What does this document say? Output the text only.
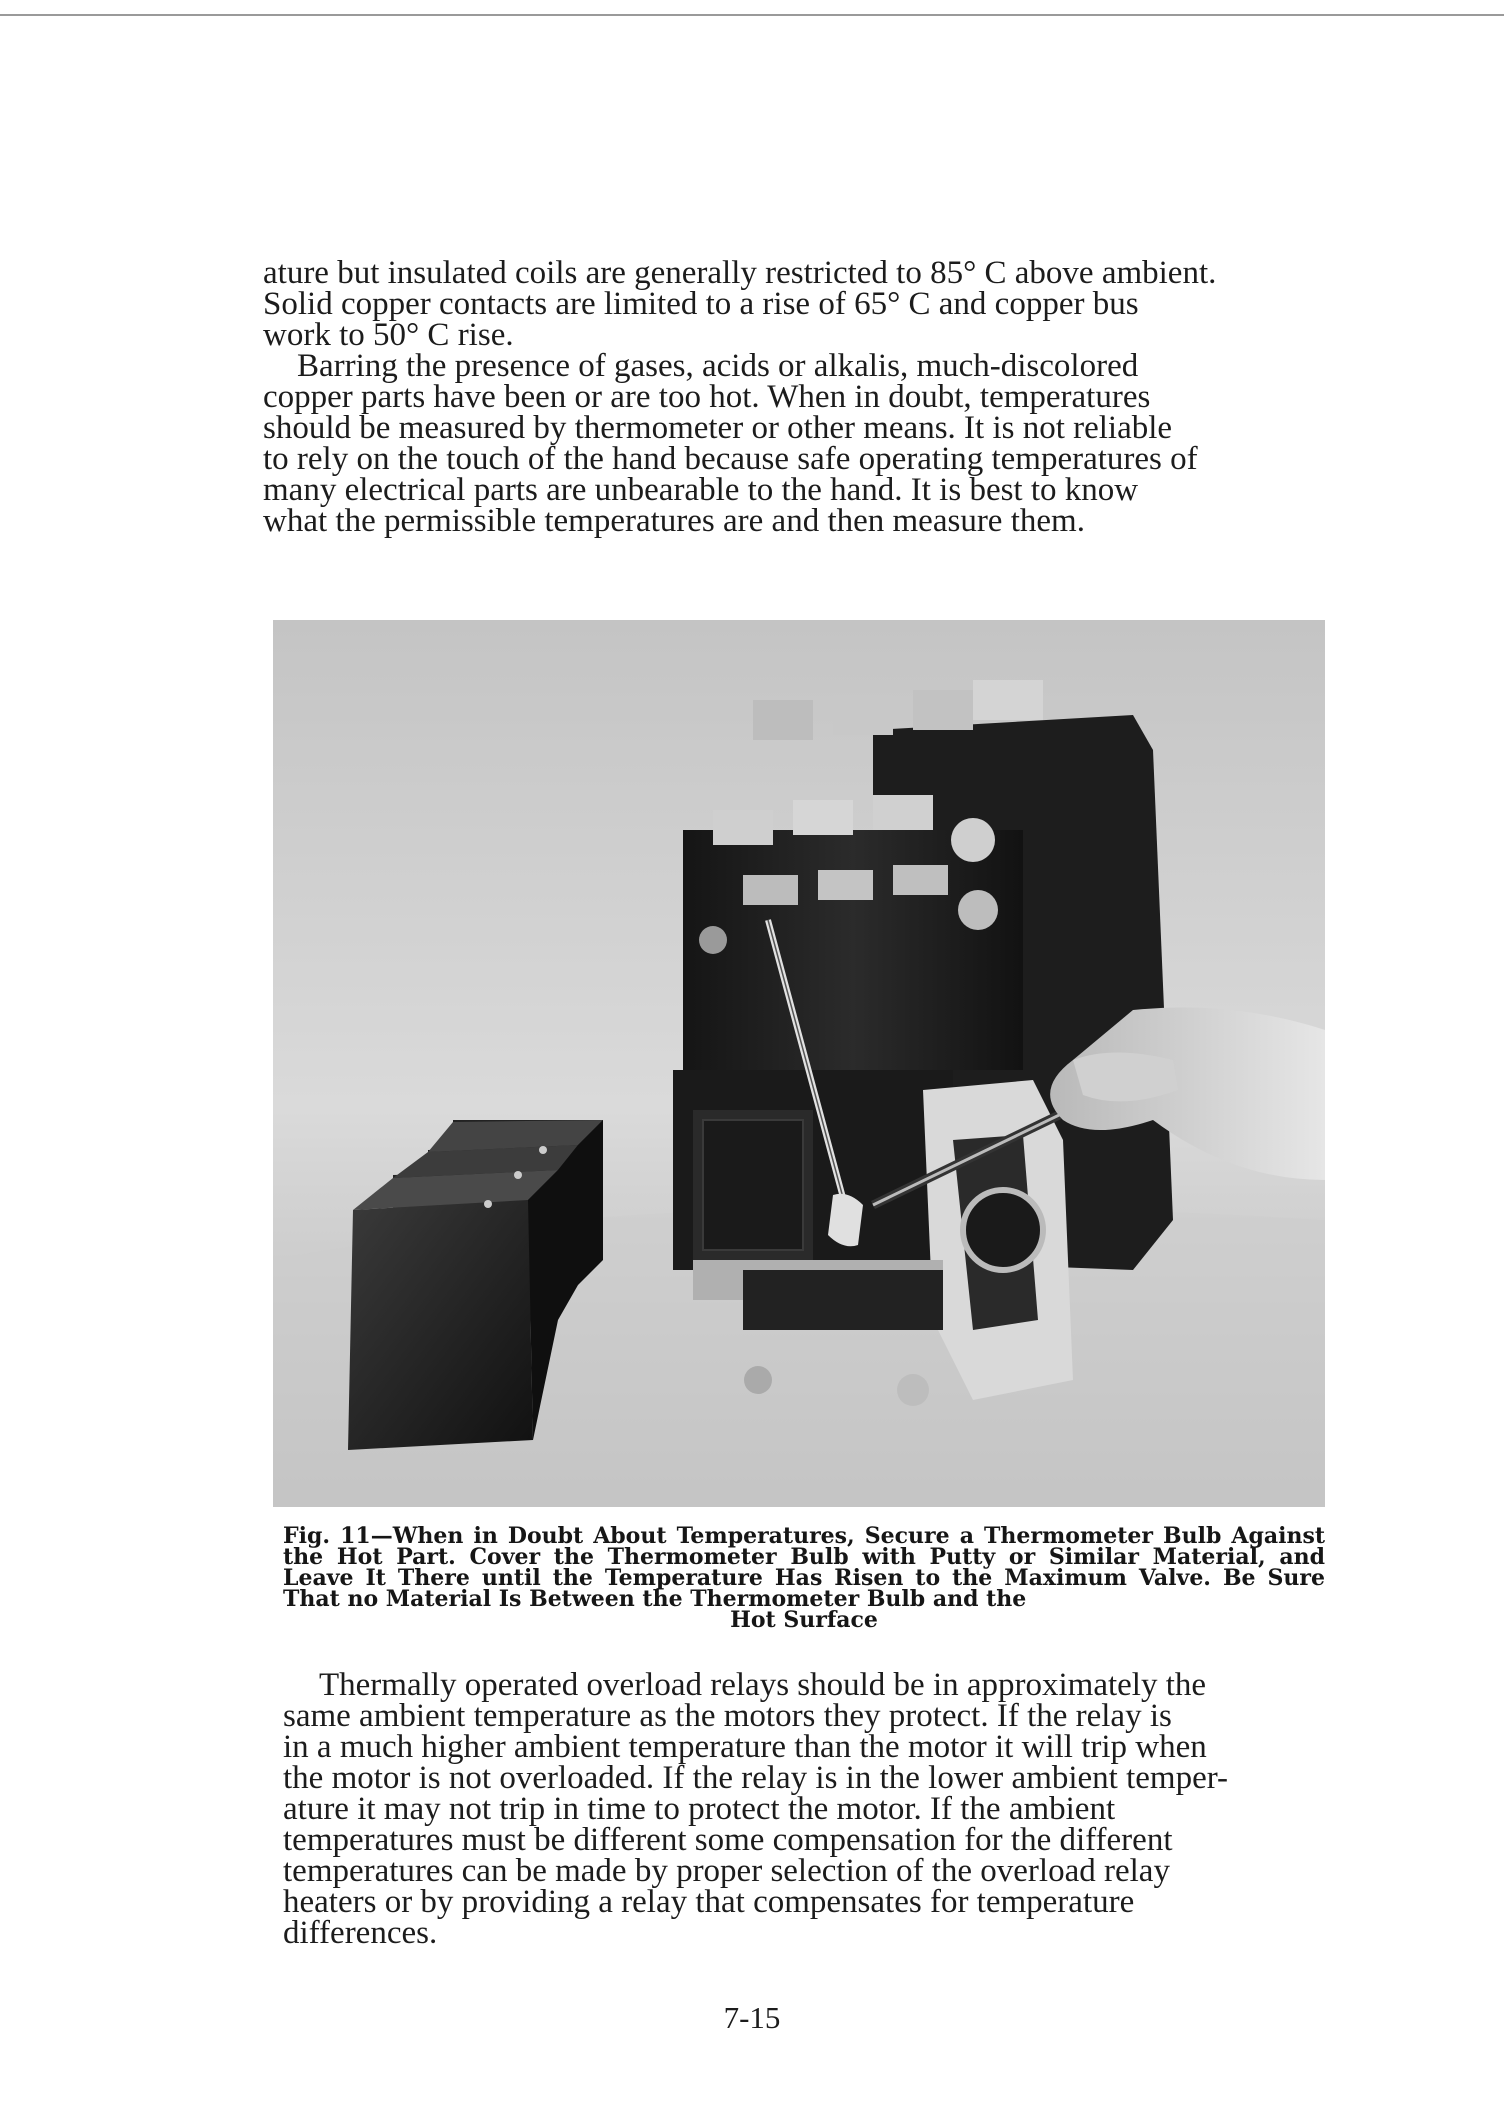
ature but insulated coils are generally restricted to 85° C above ambient.
Solid copper contacts are limited to a rise of 65° C and copper bus
work to 50° C rise.

Barring the presence of gases, acids or alkalis, much-discolored
copper parts have been or are too hot. When in doubt, temperatures
should be measured by thermometer or other means. It is not reliable
to rely on the touch of the hand because safe operating temperatures of
many electrical parts are unbearable to the hand. It is best to know
what the permissible temperatures are and then measure them.

Fig. 11—When in Doubt About Temperatures, Secure a Thermometer Bulb Against the Hot Part. Cover the Thermometer Bulb with Putty or Similar Material, and Leave It There until the Temperature Has Risen to the Maximum Valve. Be Sure That no Material Is Between the Thermometer Bulb and the
Hot Surface

Thermally operated overload relays should be in approximately the
same ambient temperature as the motors they protect. If the relay is
in a much higher ambient temperature than the motor it will trip when
the motor is not overloaded. If the relay is in the lower ambient temper-
ature it may not trip in time to protect the motor. If the ambient
temperatures must be different some compensation for the different
temperatures can be made by proper selection of the overload relay
heaters or by providing a relay that compensates for temperature
differences.

7-15
